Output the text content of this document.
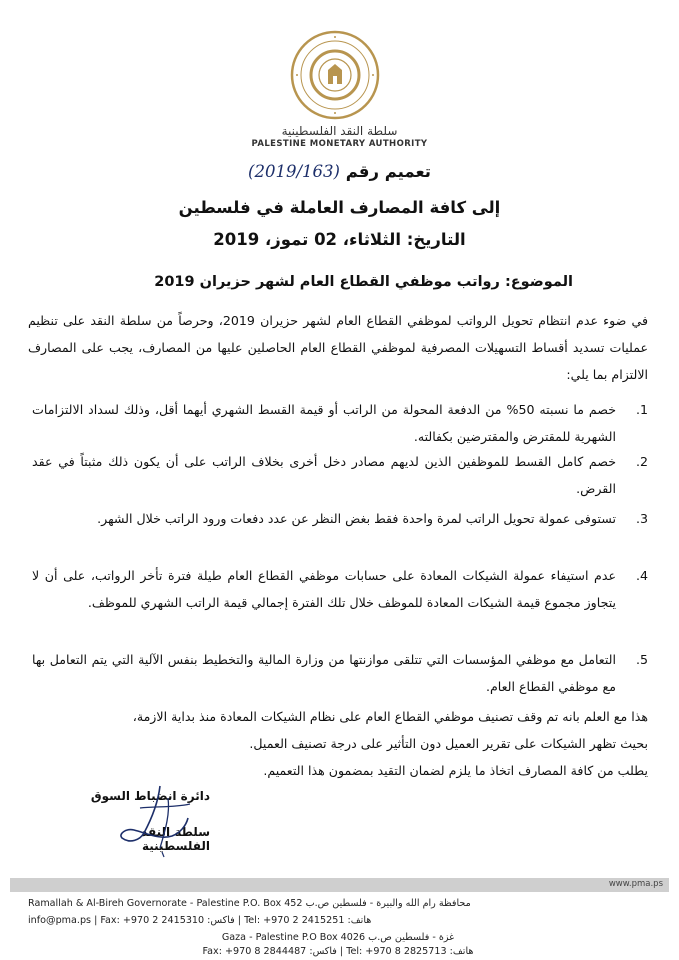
سلطة النقد الفلسطينية
PALESTINE MONETARY AUTHORITY
تعميم رقم (2019/163)
إلى كافة المصارف العاملة في فلسطين
التاريخ: الثلاثاء، 02 تموز، 2019
الموضوع: رواتب موظفي القطاع العام لشهر حزيران 2019
في ضوء عدم انتظام تحويل الرواتب لموظفي القطاع العام لشهر حزيران 2019، وحرصاً من سلطة النقد على تنظيم عمليات تسديد أقساط التسهيلات المصرفية لموظفي القطاع العام الحاصلين عليها من المصارف، يجب على المصارف الالتزام بما يلي:
1.
خصم ما نسبته 50% من الدفعة المحولة من الراتب أو قيمة القسط الشهري أيهما أقل، وذلك لسداد الالتزامات الشهرية للمقترض والمقترضين بكفالته.
2.
خصم كامل القسط للموظفين الذين لديهم مصادر دخل أخرى بخلاف الراتب على أن يكون ذلك مثبتاً في عقد القرض.
3.
تستوفى عمولة تحويل الراتب لمرة واحدة فقط بغض النظر عن عدد دفعات ورود الراتب خلال الشهر.
4.
عدم استيفاء عمولة الشيكات المعادة على حسابات موظفي القطاع العام طيلة فترة تأخر الرواتب، على أن لا يتجاوز مجموع قيمة الشيكات المعادة للموظف خلال تلك الفترة إجمالي قيمة الراتب الشهري للموظف.
5.
التعامل مع موظفي المؤسسات التي تتلقى موازنتها من وزارة المالية والتخطيط بنفس الآلية التي يتم التعامل بها مع موظفي القطاع العام.
هذا مع العلم بانه تم وقف تصنيف موظفي القطاع العام على نظام الشيكات المعادة منذ بداية الازمة،
بحيث تظهر الشيكات على تقرير العميل دون التأثير على درجة تصنيف العميل.
يطلب من كافة المصارف اتخاذ ما يلزم لضمان التقيد بمضمون هذا التعميم.
دائرة انضباط السوق
سلطة النقد الفلسطينية
www.pma.ps
Ramallah & Al-Bireh Governorate - Palestine P.O. Box 452 محافظة رام الله والبيرة - فلسطين ص.ب
info@pma.ps | Fax: +970 2 2415310 :فاكس | Tel: +970 2 2415251 :هاتف
غزة - فلسطين ص.ب Gaza - Palestine P.O Box 4026
Fax: +970 8 2844487 :فاكس | Tel: +970 8 2825713 :هاتف
